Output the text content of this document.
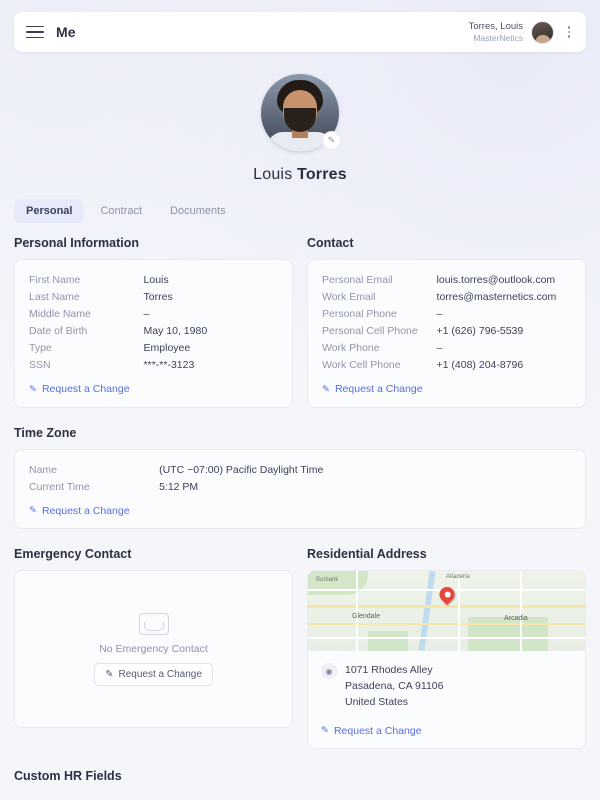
Me	Torres, Louis
MasterNetics
✎
Louis Torres
Personal	Contract	Documents
Personal Information
First Name	Louis
Last Name	Torres
Middle Name	–
Date of Birth	May 10, 1980
Type	Employee
SSN	***-**-3123
✎ Request a Change
Contact
Personal Email	louis.torres@outlook.com
Work Email	torres@masternetics.com
Personal Phone	–
Personal Cell Phone	+1 (626) 796-5539
Work Phone	–
Work Cell Phone	+1 (408) 204-8796
✎ Request a Change
Time Zone
Name	(UTC −07:00) Pacific Daylight Time
Current Time	5:12 PM
✎ Request a Change
Emergency Contact
No Emergency Contact
✎ Request a Change
Residential Address
Burbank	Altadena
Glendale	Arcadia
◉	1071 Rhodes Alley
Pasadena, CA 91106
United States
✎ Request a Change
Custom HR Fields
